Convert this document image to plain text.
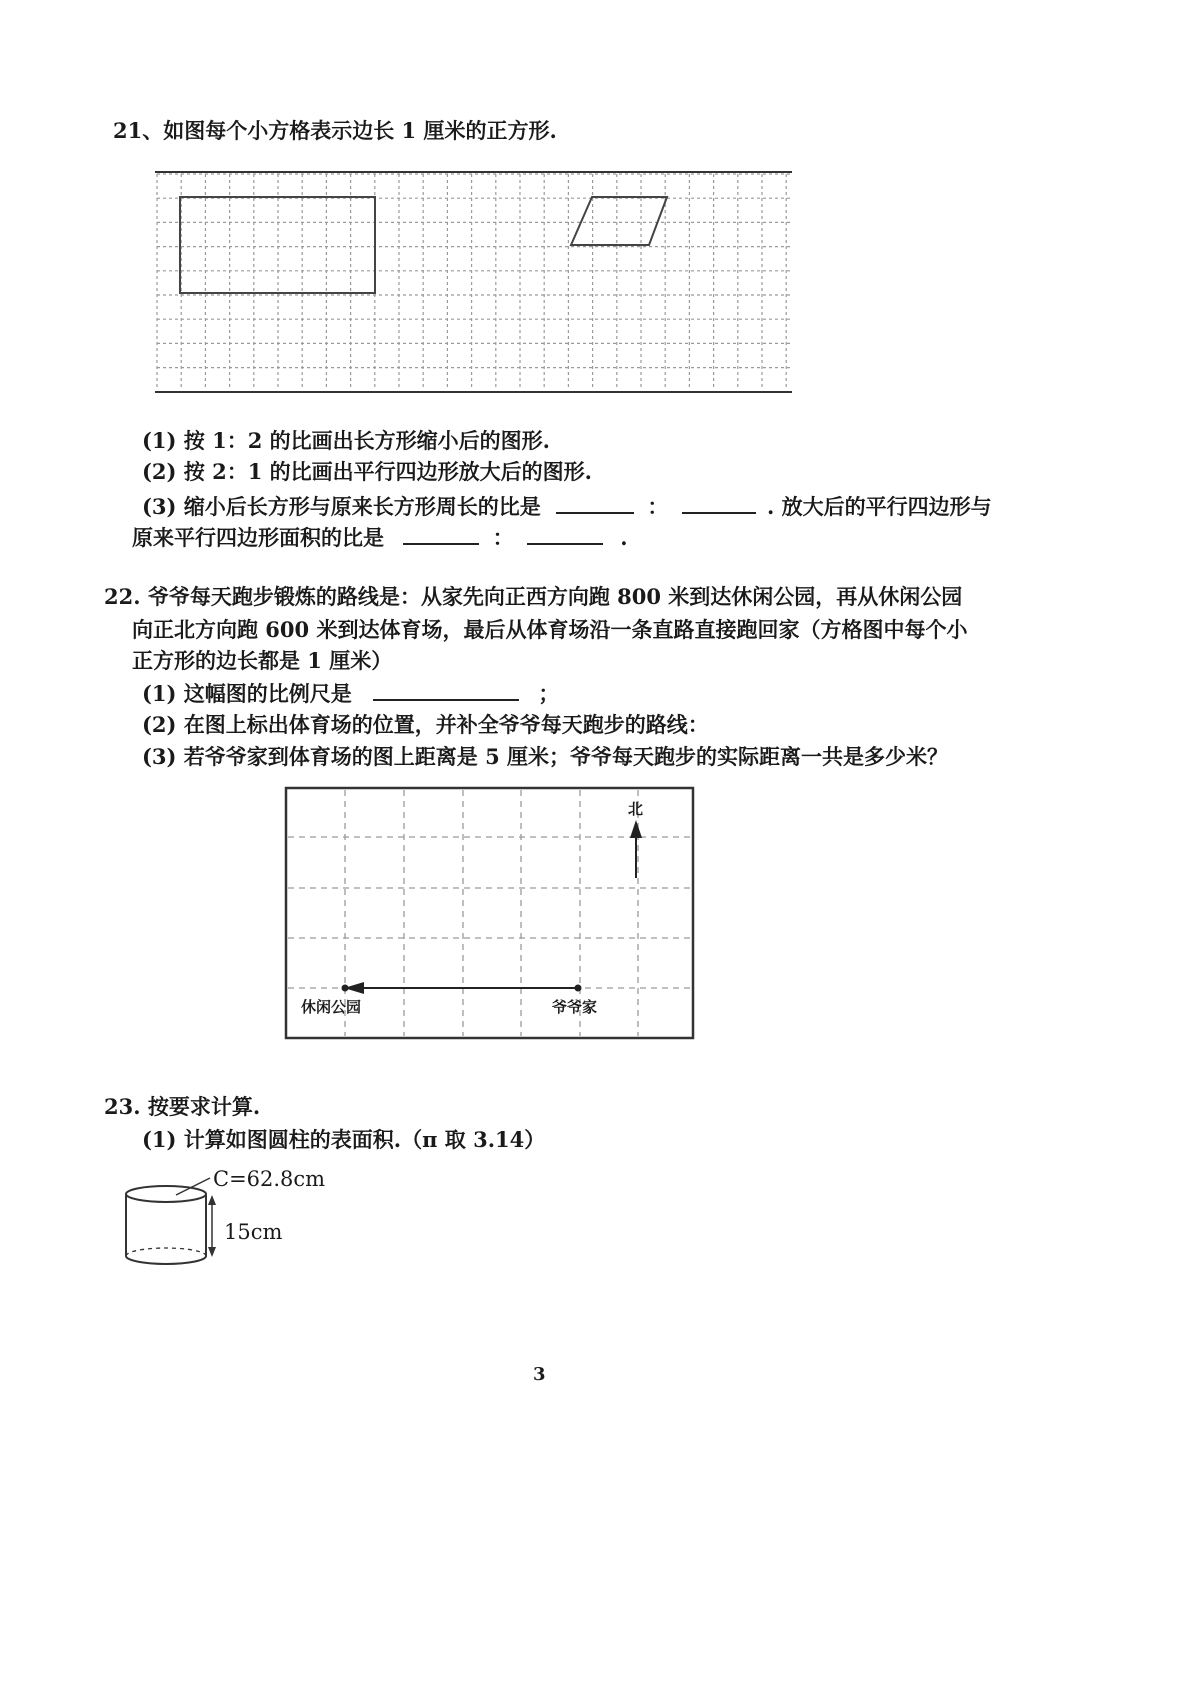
21、如图每个小方格表示边长 1 厘米的正方形.
(1) 按 1：2 的比画出长方形缩小后的图形.
(2) 按 2：1 的比画出平行四边形放大后的图形.
(3) 缩小后长方形与原来长方形周长的比是	：	. 放大后的平行四边形与
原来平行四边形面积的比是	：	.
22. 爷爷每天跑步锻炼的路线是：从家先向正西方向跑 800 米到达休闲公园，再从休闲公园
向正北方向跑 600 米到达体育场，最后从体育场沿一条直路直接跑回家（方格图中每个小
正方形的边长都是 1 厘米）
(1) 这幅图的比例尺是	；
(2) 在图上标出体育场的位置，并补全爷爷每天跑步的路线：
(3) 若爷爷家到体育场的图上距离是 5 厘米；爷爷每天跑步的实际距离一共是多少米？
北
休闲公园	爷爷家
23. 按要求计算.
(1) 计算如图圆柱的表面积.（π 取 3.14）
C=62.8cm
15cm
3
